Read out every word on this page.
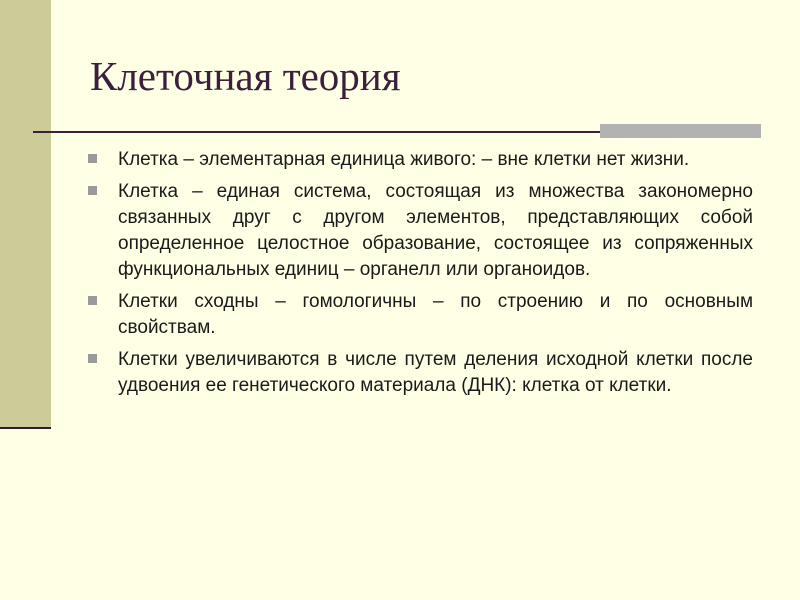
Клеточная теория
Клетка – элементарная единица живого: – вне клетки нет жизни.
Клетка – единая система, состоящая из множества закономерно связанных друг с другом элементов, представляющих собой определенное целостное образование, состоящее из сопряженных функциональных единиц – органелл или органоидов.
Клетки сходны – гомологичны – по строению и по основным свойствам.
Клетки увеличиваются в числе путем деления исходной клетки после удвоения ее генетического материала (ДНК): клетка от клетки.
